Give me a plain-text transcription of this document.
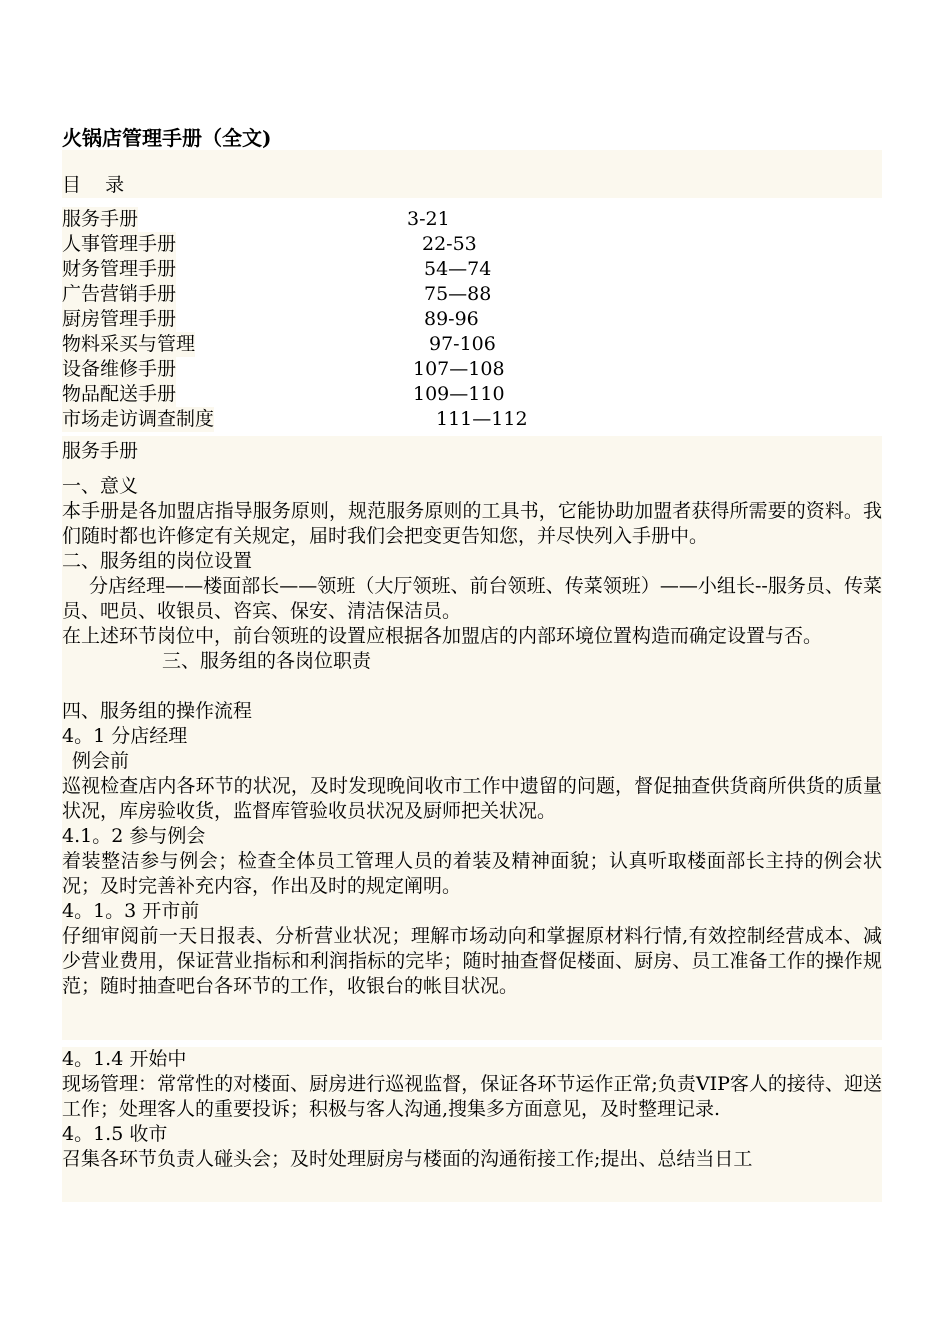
火锅店管理手册（全文)
目    录
服务手册	3-21
人事管理手册	22-53
财务管理手册	54—74
广告营销手册	75—88
厨房管理手册	89-96
物料采买与管理	97-106
设备维修手册	107—108
物品配送手册	109—110
市场走访调查制度	111—112
服务手册
一、意义
本手册是各加盟店指导服务原则，规范服务原则的工具书，它能协助加盟者获得所需要的资料。我们随时都也许修定有关规定，届时我们会把变更告知您，并尽快列入手册中。
二、服务组的岗位设置
分店经理——楼面部长——领班（大厅领班、前台领班、传菜领班）——小组长--服务员、传菜员、吧员、收银员、咨宾、保安、清洁保洁员。
在上述环节岗位中，前台领班的设置应根据各加盟店的内部环境位置构造而确定设置与否。
三、服务组的各岗位职责
四、服务组的操作流程
4。1 分店经理
例会前
巡视检查店内各环节的状况，及时发现晚间收市工作中遗留的问题，督促抽查供货商所供货的质量状况，库房验收货，监督库管验收员状况及厨师把关状况。
4.1。2 参与例会
着装整洁参与例会；检查全体员工管理人员的着装及精神面貌；认真听取楼面部长主持的例会状况；及时完善补充内容，作出及时的规定阐明。
4。1。3 开市前
仔细审阅前一天日报表、分析营业状况；理解市场动向和掌握原材料行情,有效控制经营成本、减少营业费用，保证营业指标和利润指标的完毕；随时抽查督促楼面、厨房、员工准备工作的操作规范；随时抽查吧台各环节的工作，收银台的帐目状况。
4。1.4 开始中
现场管理：常常性的对楼面、厨房进行巡视监督，保证各环节运作正常;负责VIP客人的接待、迎送工作；处理客人的重要投诉；积极与客人沟通,搜集多方面意见，及时整理记录.
4。1.5 收市
召集各环节负责人碰头会；及时处理厨房与楼面的沟通衔接工作;提出、总结当日工
